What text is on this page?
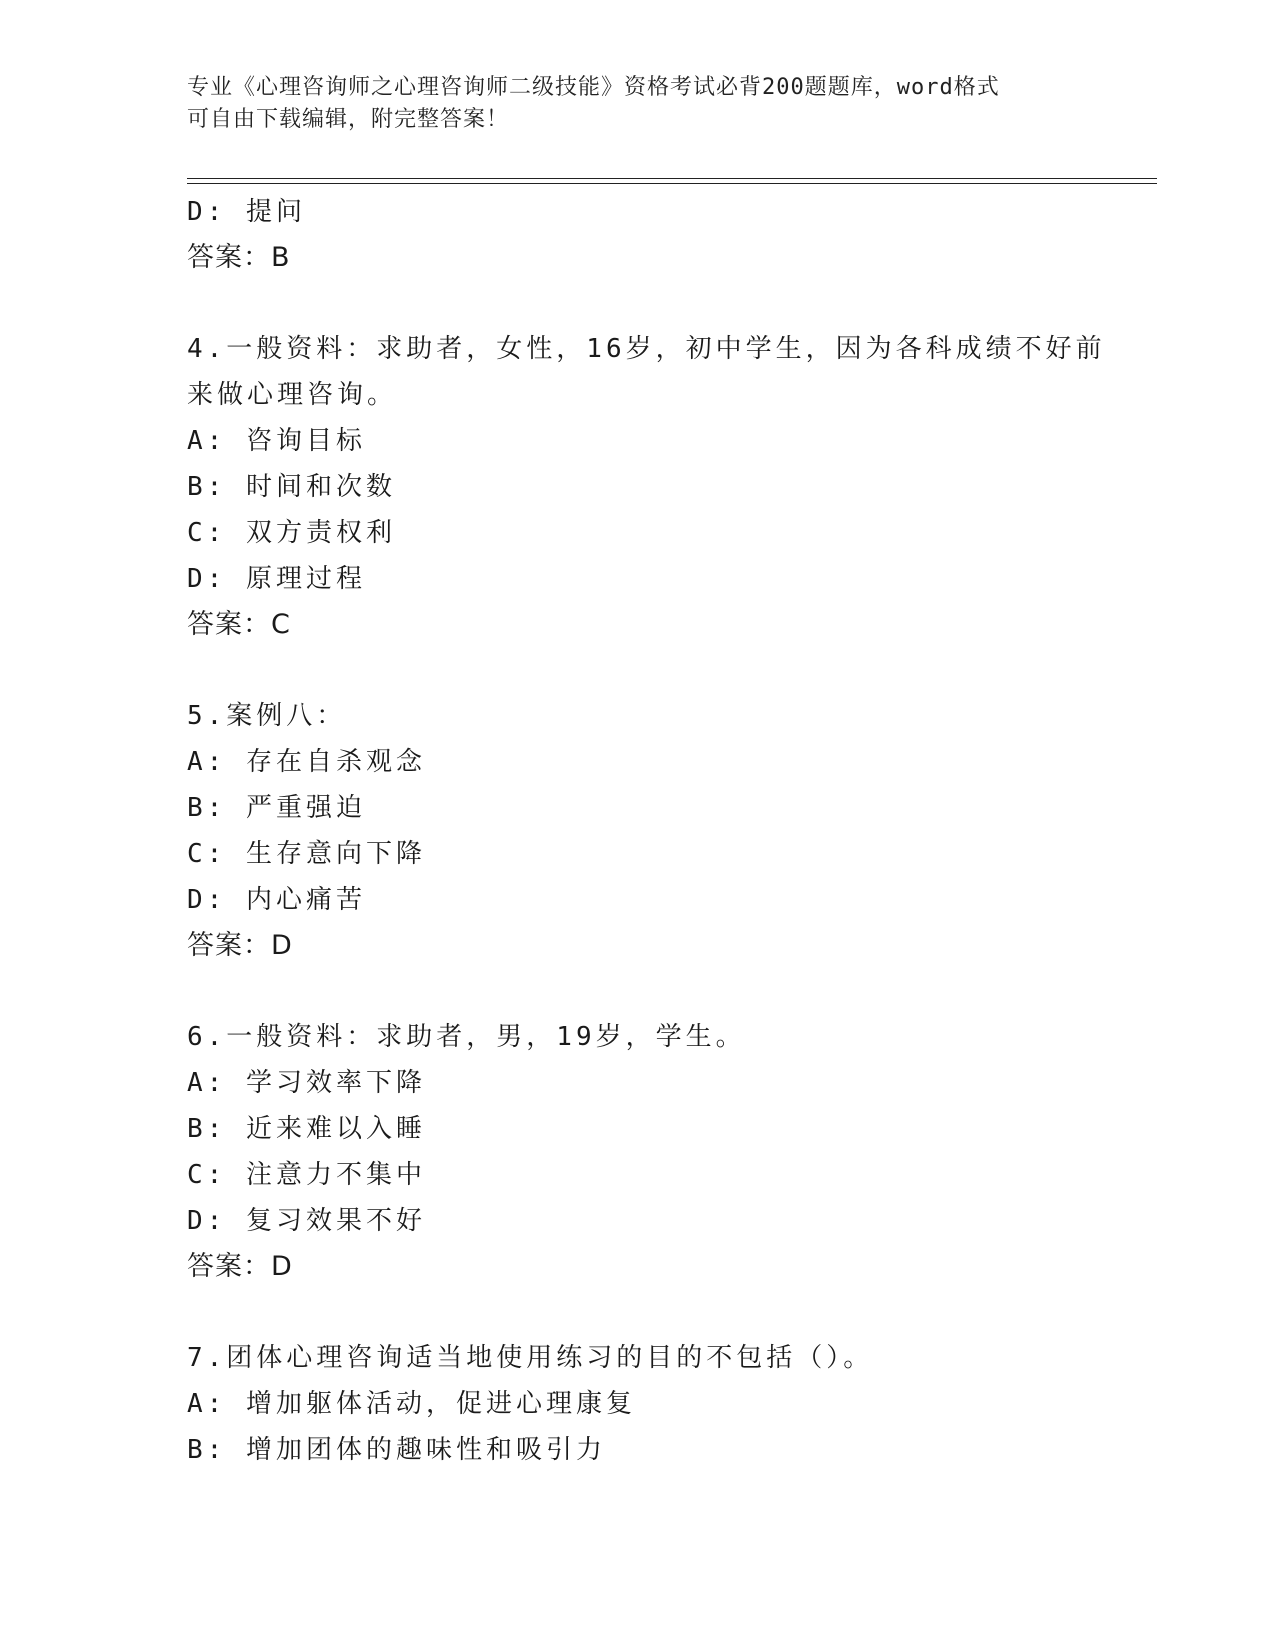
专业《心理咨询师之心理咨询师二级技能》资格考试必背200题题库，word格式
可自由下载编辑，附完整答案！
D: 提问
答案：B
4.一般资料：求助者，女性，16岁，初中学生，因为各科成绩不好前
来做心理咨询。
A: 咨询目标
B: 时间和次数
C: 双方责权利
D: 原理过程
答案：C
5.案例八：
A: 存在自杀观念
B: 严重强迫
C: 生存意向下降
D: 内心痛苦
答案：D
6.一般资料：求助者，男，19岁，学生。
A: 学习效率下降
B: 近来难以入睡
C: 注意力不集中
D: 复习效果不好
答案：D
7.团体心理咨询适当地使用练习的目的不包括（）。
A: 增加躯体活动，促进心理康复
B: 增加团体的趣味性和吸引力
